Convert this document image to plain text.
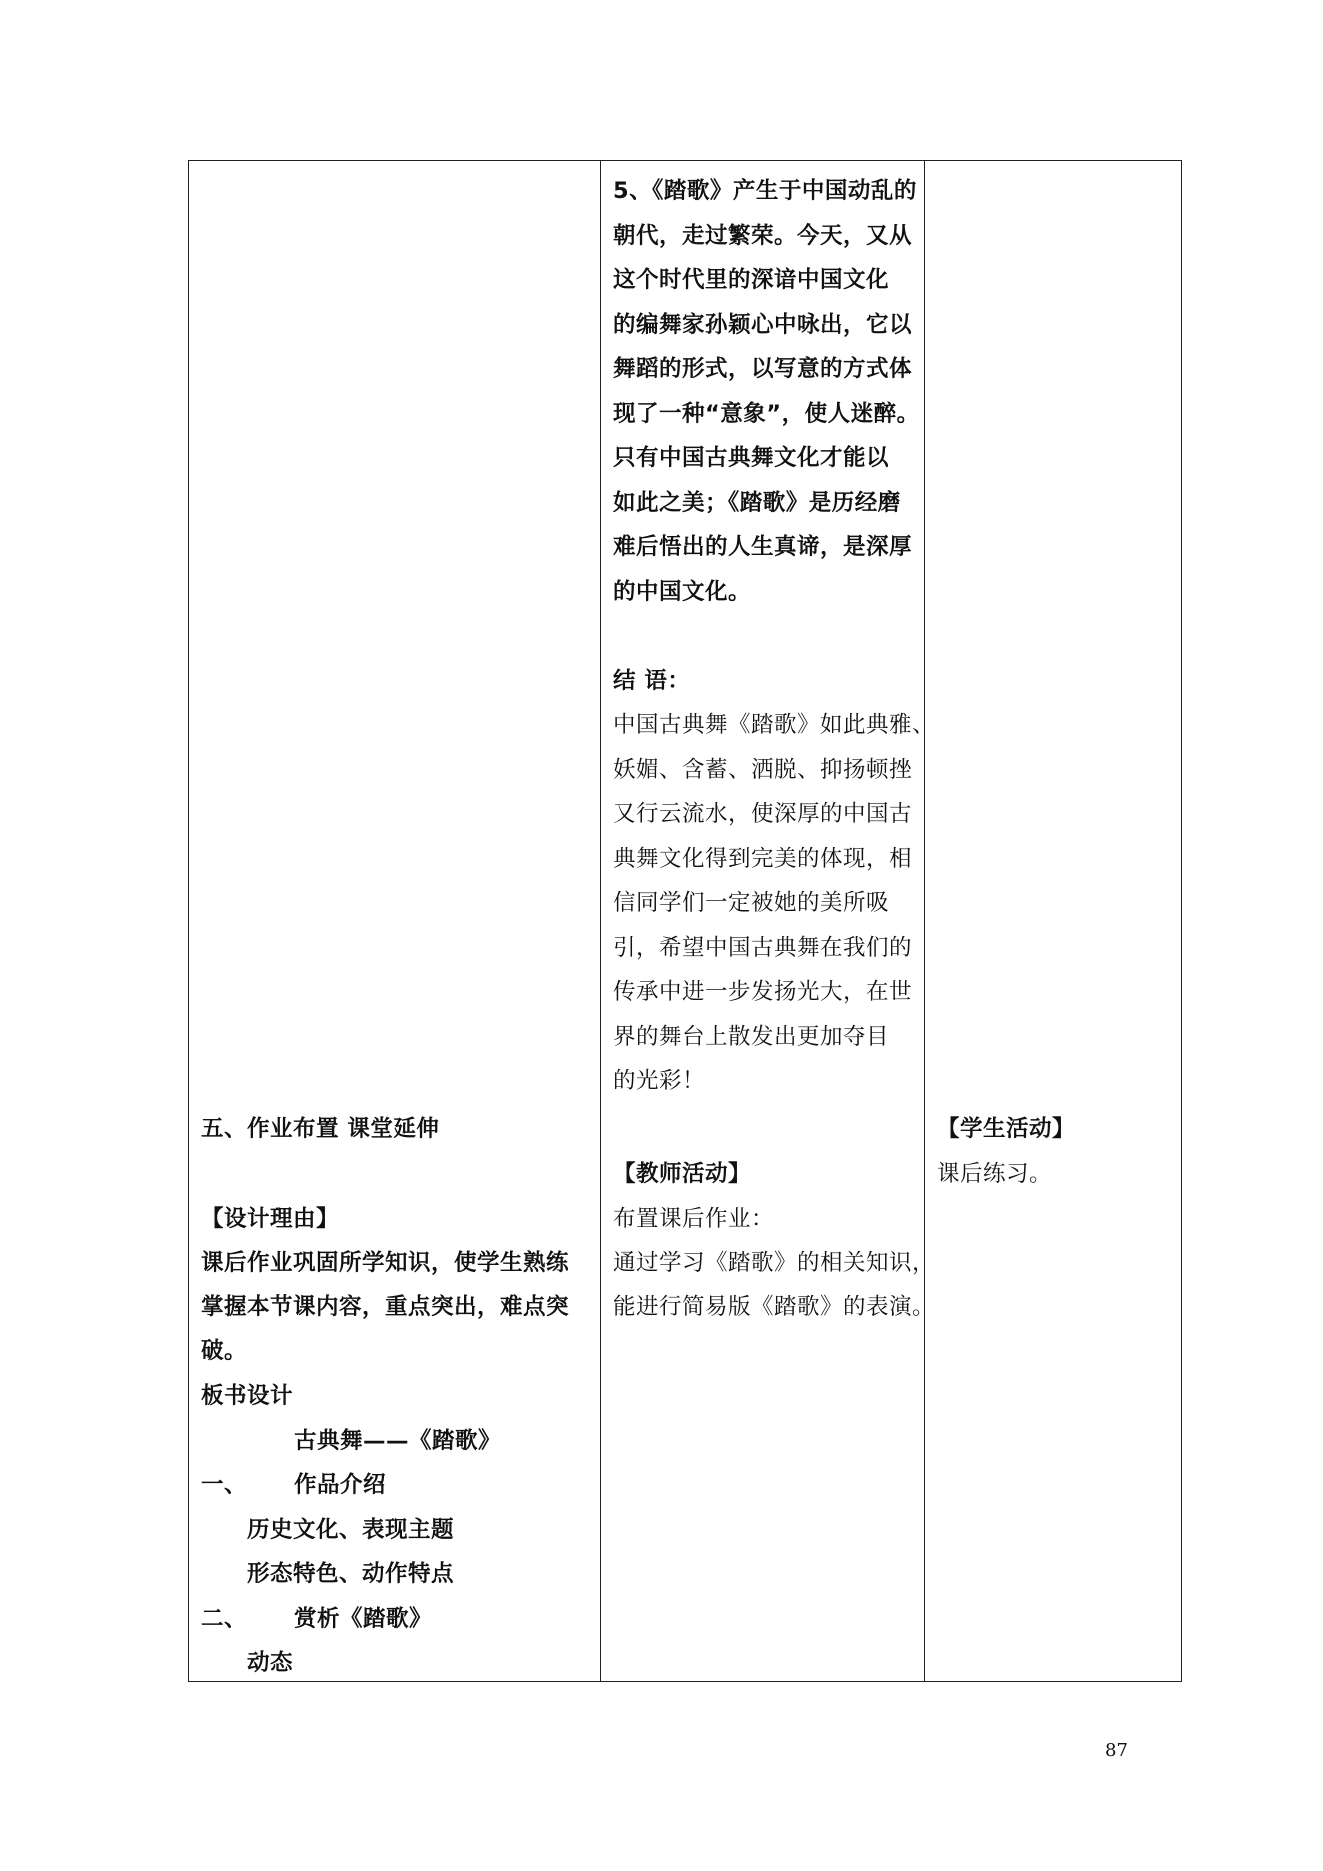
五、作业布置 课堂延伸
【设计理由】
课后作业巩固所学知识，使学生熟练
掌握本节课内容，重点突出，难点突
破。
板书设计
古典舞——《踏歌》
一、 作品介绍
历史文化、表现主题
形态特色、动作特点
二、 赏析《踏歌》
动态
5、《踏歌》产生于中国动乱的
朝代，走过繁荣。今天，又从
这个时代里的深谙中国文化
的编舞家孙颖心中咏出，它以
舞蹈的形式，以写意的方式体
现了一种“意象”，使人迷醉。
只有中国古典舞文化才能以
如此之美；《踏歌》是历经磨
难后悟出的人生真谛，是深厚
的中国文化。
结 语：
中国古典舞《踏歌》如此典雅、
妖媚、含蓄、洒脱、抑扬顿挫
又行云流水，使深厚的中国古
典舞文化得到完美的体现，相
信同学们一定被她的美所吸
引，希望中国古典舞在我们的
传承中进一步发扬光大，在世
界的舞台上散发出更加夺目
的光彩！
【教师活动】
布置课后作业：
通过学习《踏歌》的相关知识，
能进行简易版《踏歌》的表演。
【学生活动】
课后练习。
87
